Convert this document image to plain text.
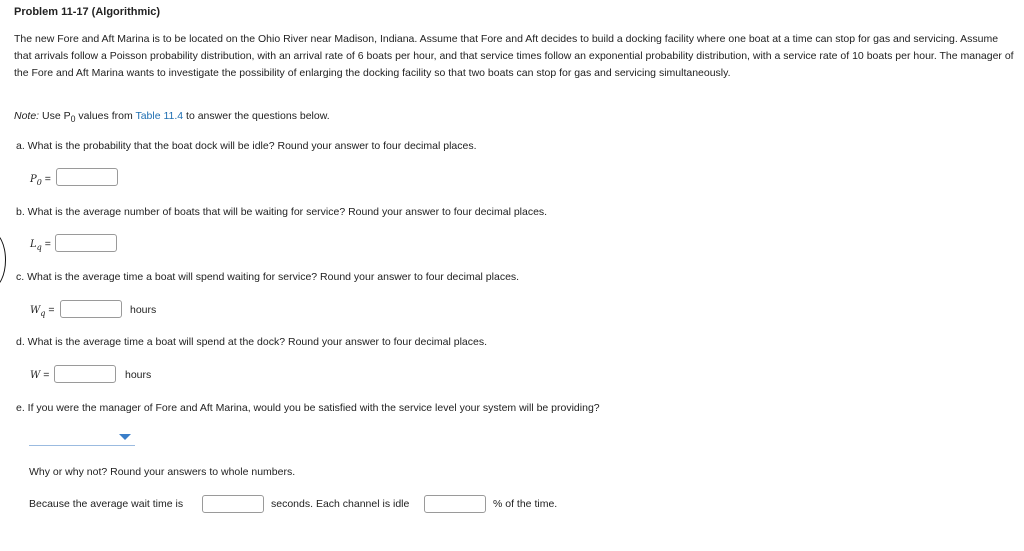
Problem 11-17 (Algorithmic)
The new Fore and Aft Marina is to be located on the Ohio River near Madison, Indiana. Assume that Fore and Aft decides to build a docking facility where one boat at a time can stop for gas and servicing. Assume that arrivals follow a Poisson probability distribution, with an arrival rate of 6 boats per hour, and that service times follow an exponential probability distribution, with a service rate of 10 boats per hour. The manager of the Fore and Aft Marina wants to investigate the possibility of enlarging the docking facility so that two boats can stop for gas and servicing simultaneously.
Note: Use $P_0$ values from Table 11.4 to answer the questions below.
a. What is the probability that the boat dock will be idle? Round your answer to four decimal places.
$P_0$ =
b. What is the average number of boats that will be waiting for service? Round your answer to four decimal places.
$L_q$ =
c. What is the average time a boat will spend waiting for service? Round your answer to four decimal places.
$W_q$ =	hours
d. What is the average time a boat will spend at the dock? Round your answer to four decimal places.
W =	hours
e. If you were the manager of Fore and Aft Marina, would you be satisfied with the service level your system will be providing?
Why or why not? Round your answers to whole numbers.
Because the average wait time is	seconds. Each channel is idle	% of the time.
